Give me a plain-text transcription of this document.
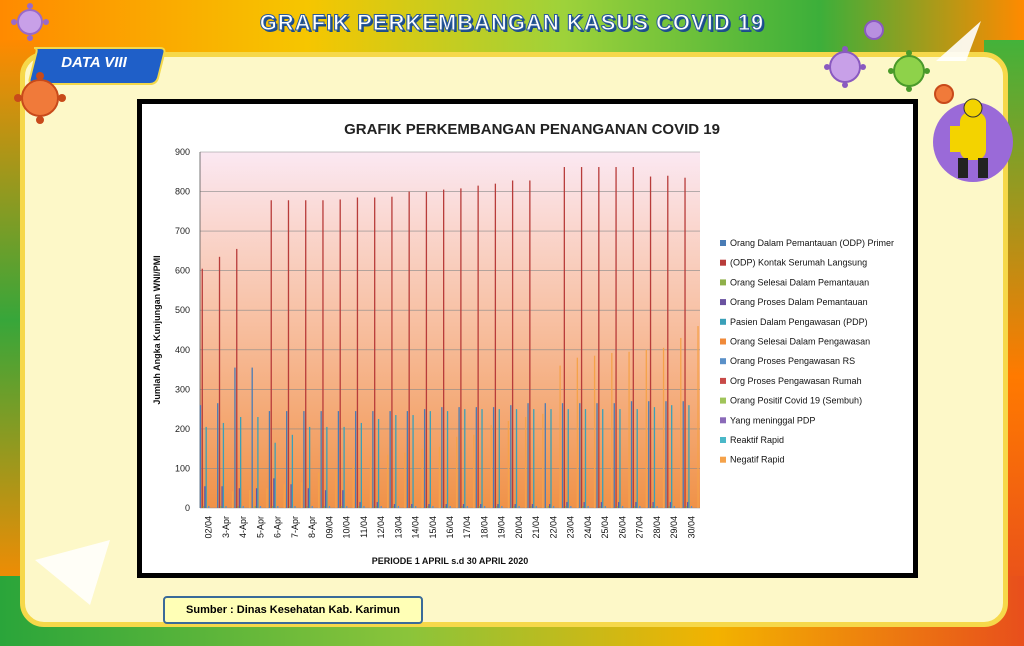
GRAFIK PERKEMBANGAN KASUS COVID 19
DATA VIII
GRAFIK PERKEMBANGAN PENANGANAN COVID 19
0
100
200
300
400
500
600
700
800
900
02/04 3-Apr 4-Apr 5-Apr 6-Apr 7-Apr 8-Apr 09/04 10/04 11/04 12/04 13/04 14/04 15/04 16/04 17/04 18/04 19/04 20/04 21/04 22/04 23/04 24/04 25/04 26/04 27/04 28/04 29/04 30/04
Jumlah Angka Kunjungan WNI/PMI
PERIODE 1 APRIL s.d 30 APRIL 2020
Orang Dalam Pemantauan (ODP) Primer
(ODP) Kontak Serumah Langsung
Orang Selesai Dalam Pemantauan
Orang Proses Dalam Pemantauan
Pasien Dalam Pengawasan (PDP)
Orang Selesai Dalam Pengawasan
Orang Proses Pengawasan RS
Org Proses Pengawasan Rumah
Orang Positif Covid 19 (Sembuh)
Yang meninggal PDP
Reaktif Rapid
Negatif Rapid
Sumber : Dinas Kesehatan Kab. Karimun
